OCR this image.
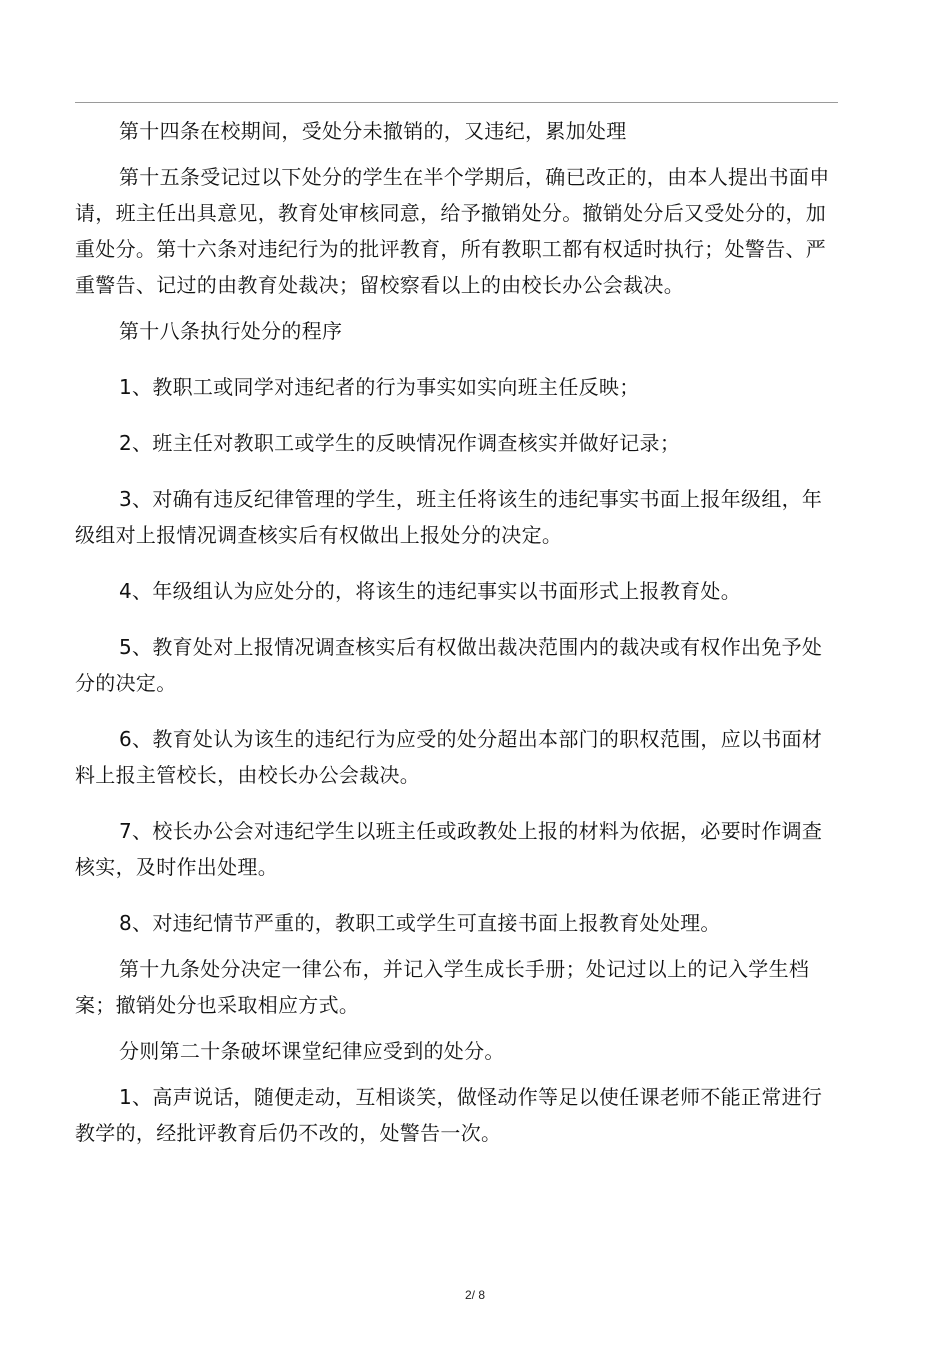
第十四条在校期间，受处分未撤销的，又违纪，累加处理

第十五条受记过以下处分的学生在半个学期后，确已改正的，由本人提出书面申请，班主任出具意见，教育处审核同意，给予撤销处分。撤销处分后又受处分的，加重处分。第十六条对违纪行为的批评教育，所有教职工都有权适时执行；处警告、严重警告、记过的由教育处裁决；留校察看以上的由校长办公会裁决。

第十八条执行处分的程序

1、教职工或同学对违纪者的行为事实如实向班主任反映；

2、班主任对教职工或学生的反映情况作调查核实并做好记录；

3、对确有违反纪律管理的学生，班主任将该生的违纪事实书面上报年级组，年级组对上报情况调查核实后有权做出上报处分的决定。

4、年级组认为应处分的，将该生的违纪事实以书面形式上报教育处。

5、教育处对上报情况调查核实后有权做出裁决范围内的裁决或有权作出免予处分的决定。

6、教育处认为该生的违纪行为应受的处分超出本部门的职权范围，应以书面材料上报主管校长，由校长办公会裁决。

7、校长办公会对违纪学生以班主任或政教处上报的材料为依据，必要时作调查核实，及时作出处理。

8、对违纪情节严重的，教职工或学生可直接书面上报教育处处理。

第十九条处分决定一律公布，并记入学生成长手册；处记过以上的记入学生档案；撤销处分也采取相应方式。

分则第二十条破坏课堂纪律应受到的处分。

1、高声说话，随便走动，互相谈笑，做怪动作等足以使任课老师不能正常进行教学的，经批评教育后仍不改的，处警告一次。

2/ 8
